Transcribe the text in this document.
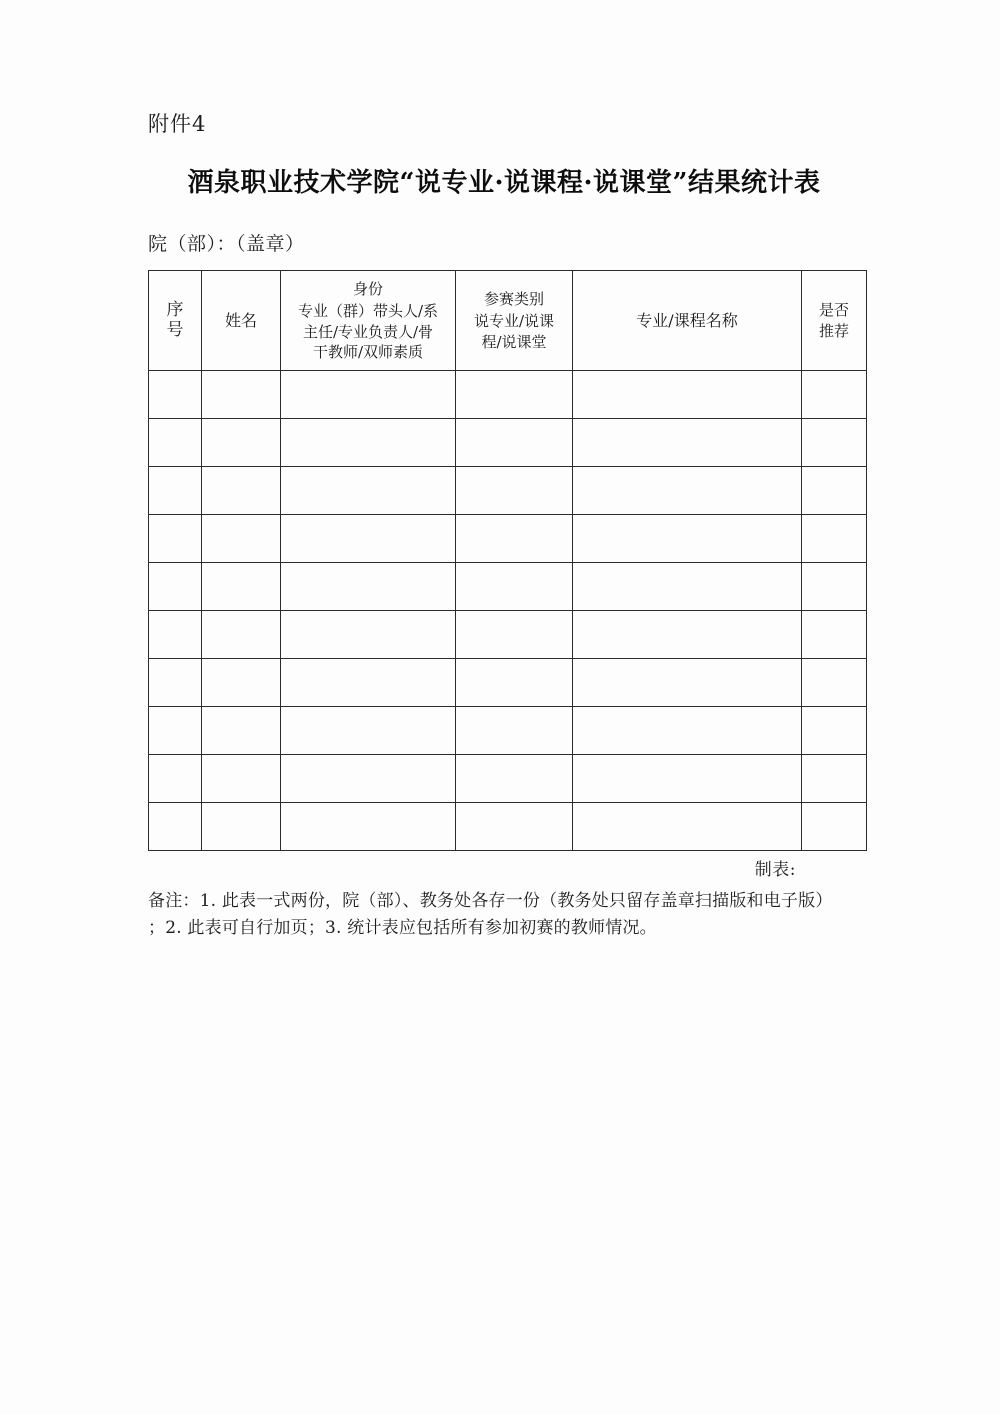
附件4
酒泉职业技术学院“说专业·说课程·说课堂”结果统计表
院（部）：（盖章）
序
号	姓名	身份
专业（群）带头人/系
主任/专业负责人/骨
干教师/双师素质	参赛类别
说专业/说课
程/说课堂	专业/课程名称	是否
推荐

制表:

备注：1. 此表一式两份，院（部）、教务处各存一份（教务处只留存盖章扫描版和电子版）

；2. 此表可自行加页；3. 统计表应包括所有参加初赛的教师情况。
